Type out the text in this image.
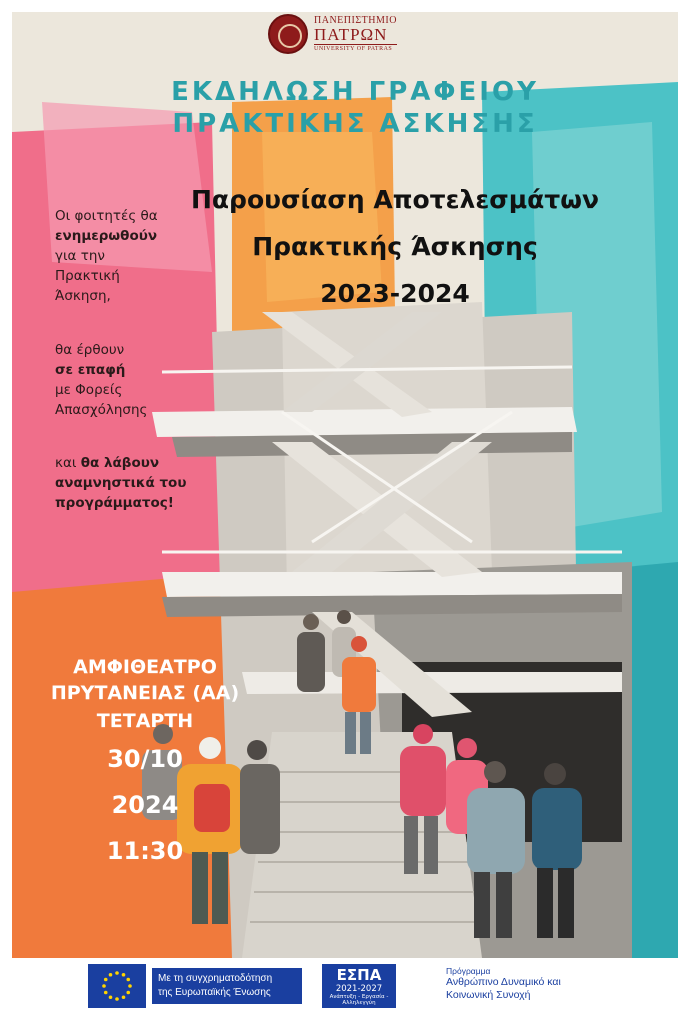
ΠΑΝΕΠΙΣΤΗΜΙΟ
ΠΑΤΡΩΝ
UNIVERSITY OF PATRAS
ΕΚΔΗΛΩΣΗ ΓΡΑΦΕΙΟΥ
ΠΡΑΚΤΙΚΗΣ ΑΣΚΗΣΗΣ
Παρουσίαση Αποτελεσμάτων
Πρακτικής Άσκησης
2023-2024
Οι φοιτητές θα
ενημερωθούν
για την
Πρακτική
Άσκηση,
θα έρθουν
σε επαφή
με Φορείς
Απασχόλησης
και θα λάβουν
αναμνηστικά του
προγράμματος!
ΑΜΦΙΘΕΑΤΡΟ
ΠΡΥΤΑΝΕΙΑΣ (ΑΑ)
ΤΕΤΑΡΤΗ
30/10
2024
11:30
Με τη συγχρηματοδότηση
της Ευρωπαϊκής Ένωσης
ΕΣΠΑ
2021-2027
Ανάπτυξη - Εργασία - Αλληλεγγύη
Πρόγραμμα
Ανθρώπινο Δυναμικό και
Κοινωνική Συνοχή
